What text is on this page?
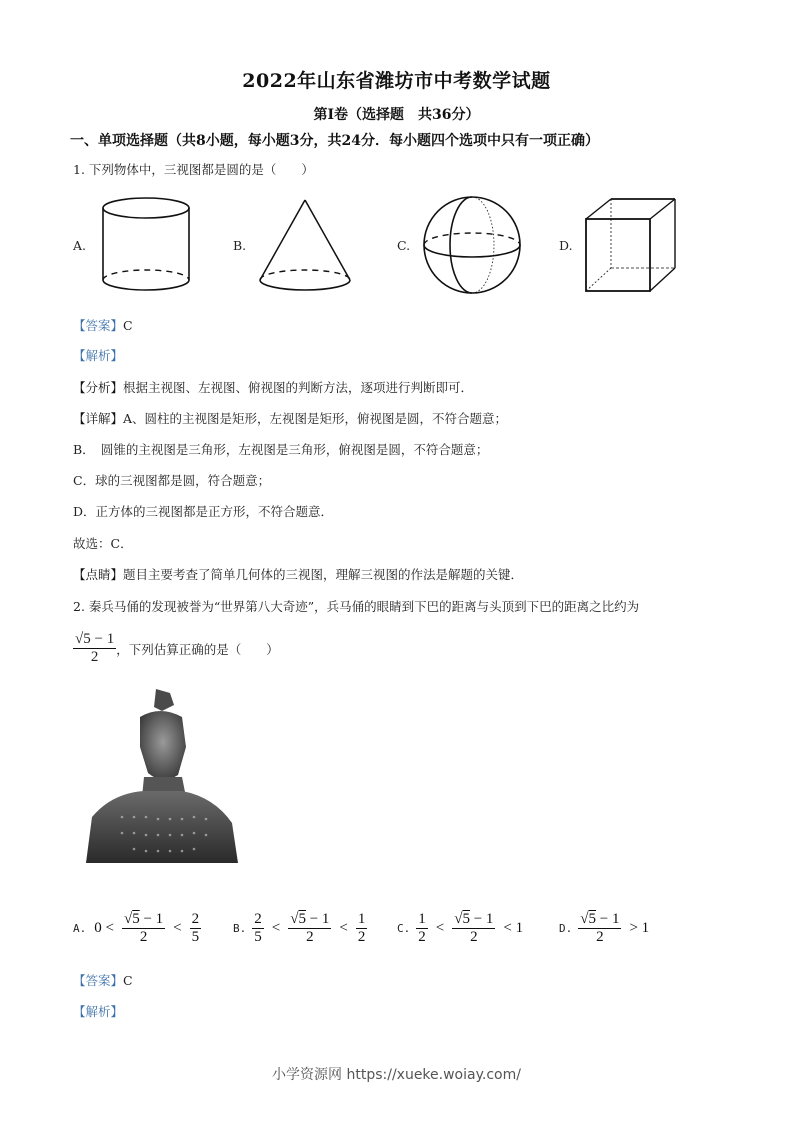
2022年山东省潍坊市中考数学试题
第Ⅰ卷（选择题　共36分）
一、单项选择题（共8小题，每小题3分，共24分．每小题四个选项中只有一项正确）
1. 下列物体中，三视图都是圆的是（　　）
A.	B.	C.	D.
【答案】C
【解析】
【分析】根据主视图、左视图、俯视图的判断方法，逐项进行判断即可．
【详解】A、圆柱的主视图是矩形，左视图是矩形，俯视图是圆，不符合题意；
B．　圆锥的主视图是三角形，左视图是三角形，俯视图是圆，不符合题意；
C．球的三视图都是圆，符合题意；
D．正方体的三视图都是正方形，不符合题意．
故选：C．
【点睛】题目主要考查了简单几何体的三视图，理解三视图的作法是解题的关键．
2. 秦兵马俑的发现被誉为“世界第八大奇迹”，兵马俑的眼睛到下巴的距离与头顶到下巴的距离之比约为
$\frac{√5 - 1}{2}$ ，下列估算正确的是（　　）
A. $0 < \frac{√5 - 1}{2} < \frac{2}{5}$	B. $\frac{2}{5} < \frac{√5 - 1}{2} < \frac{1}{2}$	C. $\frac{1}{2} < \frac{√5 - 1}{2} < 1$	D. $\frac{√5 - 1}{2} > 1$
【答案】C
【解析】
小学资源网 https://xueke.woiay.com/
